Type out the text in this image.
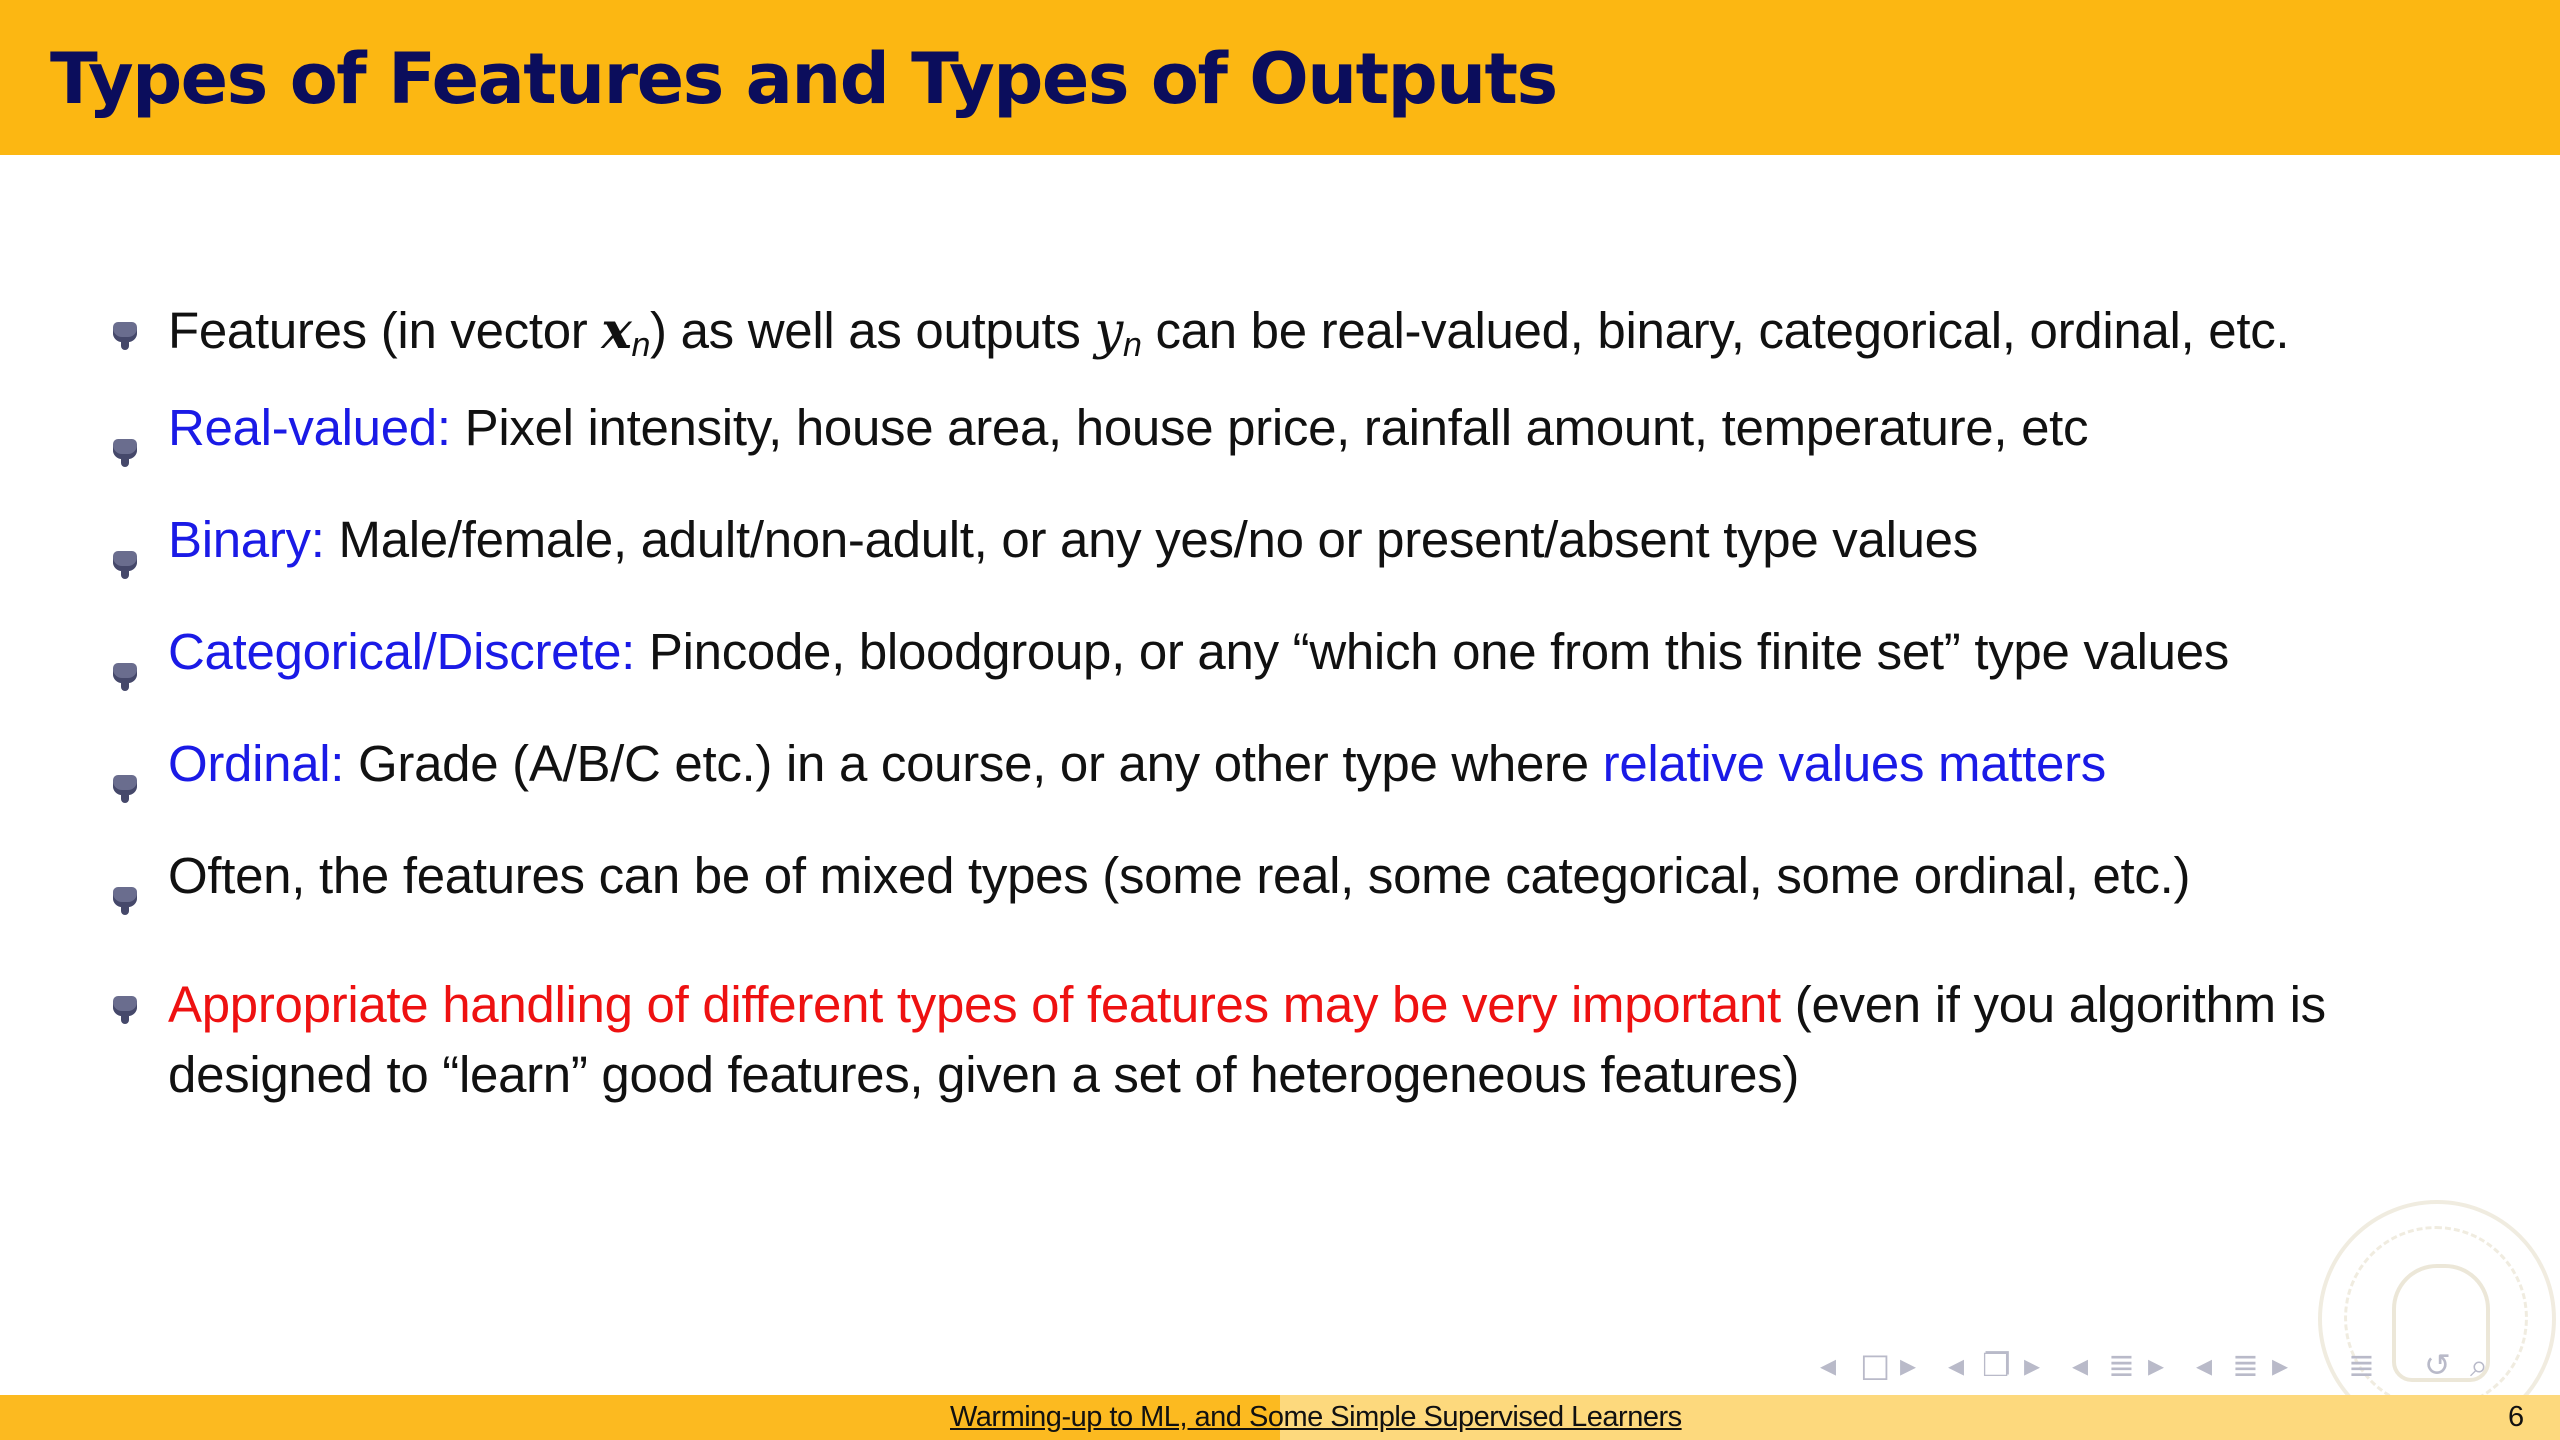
Types of Features and Types of Outputs
Features (in vector $x_n$) as well as outputs $y_n$ can be real-valued, binary, categorical, ordinal, etc.
Real-valued: Pixel intensity, house area, house price, rainfall amount, temperature, etc
Binary: Male/female, adult/non-adult, or any yes/no or present/absent type values
Categorical/Discrete: Pincode, bloodgroup, or any “which one from this finite set” type values
Ordinal: Grade (A/B/C etc.) in a course, or any other type where relative values matters
Often, the features can be of mixed types (some real, some categorical, some ordinal, etc.)
Appropriate handling of different types of features may be very important (even if you algorithm is designed to “learn” good features, given a set of heterogeneous features)
◂ □ ▸ ◂ ❐ ▸ ◂ ≣ ▸ ◂ ≣ ▸ ≣ ↺ ⌕
Warming-up to ML, and Some Simple Supervised Learners	6
